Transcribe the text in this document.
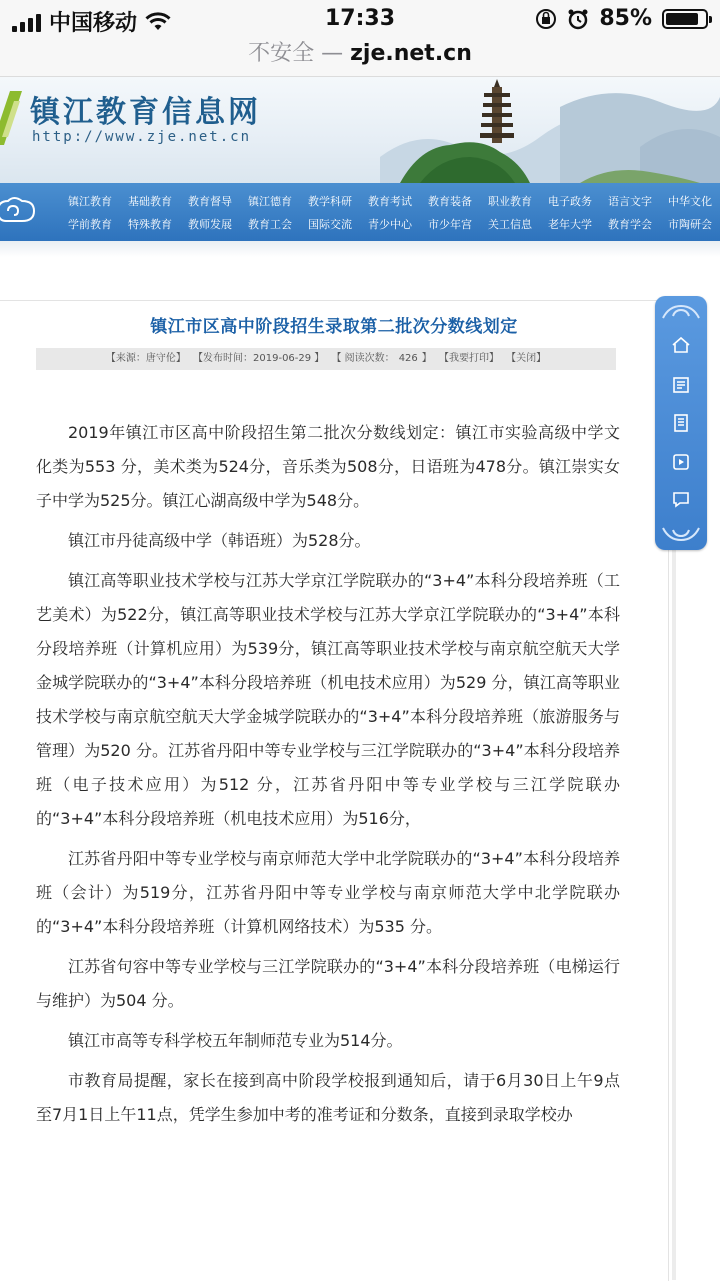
中国移动	17:33	85%
不安全 — zje.net.cn
镇江教育信息网
http://www.zje.net.cn
镇江教育	基础教育	教育督导	镇江德育	教学科研	教育考试	教育装备	职业教育	电子政务	语言文字	中华文化
学前教育	特殊教育	教师发展	教育工会	国际交流	青少中心	市少年宫	关工信息	老年大学	教育学会	市陶研会
镇江市区高中阶段招生录取第二批次分数线划定
【来源：唐守伦】 【发布时间：2019-06-29 】 【 阅读次数： 426 】 【我要打印】 【关闭】

2019年镇江市区高中阶段招生第二批次分数线划定：镇江市实验高级中学文化类为553 分，美术类为524分，音乐类为508分，日语班为478分。镇江崇实女子中学为525分。镇江心湖高级中学为548分。

镇江市丹徒高级中学（韩语班）为528分。

镇江高等职业技术学校与江苏大学京江学院联办的“3+4”本科分段培养班（工艺美术）为522分，镇江高等职业技术学校与江苏大学京江学院联办的“3+4”本科分段培养班（计算机应用）为539分，镇江高等职业技术学校与南京航空航天大学金城学院联办的“3+4”本科分段培养班（机电技术应用）为529 分，镇江高等职业技术学校与南京航空航天大学金城学院联办的“3+4”本科分段培养班（旅游服务与管理）为520 分。江苏省丹阳中等专业学校与三江学院联办的“3+4”本科分段培养班（电子技术应用）为512 分，江苏省丹阳中等专业学校与三江学院联办的“3+4”本科分段培养班（机电技术应用）为516分，

江苏省丹阳中等专业学校与南京师范大学中北学院联办的“3+4”本科分段培养班（会计）为519分，江苏省丹阳中等专业学校与南京师范大学中北学院联办的“3+4”本科分段培养班（计算机网络技术）为535 分。

江苏省句容中等专业学校与三江学院联办的“3+4”本科分段培养班（电梯运行与维护）为504 分。

镇江市高等专科学校五年制师范专业为514分。

市教育局提醒，家长在接到高中阶段学校报到通知后，请于6月30日上午9点至7月1日上午11点，凭学生参加中考的准考证和分数条，直接到录取学校办
